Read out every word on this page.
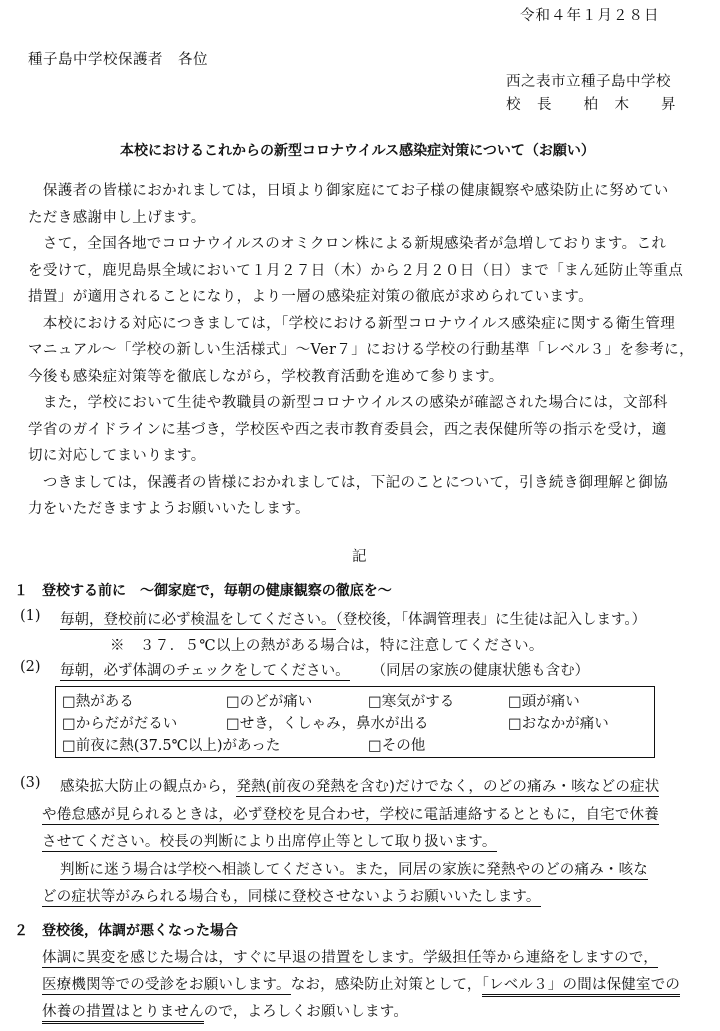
令和４年１月２８日
種子島中学校保護者　各位
西之表市立種子島中学校
校　長　　柏　木　　昇
本校におけるこれからの新型コロナウイルス感染症対策について（お願い）

　保護者の皆様におかれましては，日頃より御家庭にてお子様の健康観察や感染防止に努めてい

ただき感謝申し上げます。

　さて，全国各地でコロナウイルスのオミクロン株による新規感染者が急増しております。これ

を受けて，鹿児島県全域において１月２７日（木）から２月２０日（日）まで「まん延防止等重点

措置」が適用されることになり，より一層の感染症対策の徹底が求められています。

　本校における対応につきましては，「学校における新型コロナウイルス感染症に関する衛生管理

マニュアル～「学校の新しい生活様式」～Ver７」における学校の行動基準「レベル３」を参考に，

今後も感染症対策等を徹底しながら，学校教育活動を進めて参ります。

　また，学校において生徒や教職員の新型コロナウイルスの感染が確認された場合には，文部科

学省のガイドラインに基づき，学校医や西之表市教育委員会，西之表保健所等の指示を受け，適

切に対応してまいります。

　つきましては，保護者の皆様におかれましては，下記のことについて，引き続き御理解と御協

力をいただきますようお願いいたします。

記
１　登校する前に　～御家庭で，毎朝の健康観察の徹底を～
(1) 毎朝，登校前に必ず検温をしてください。（登校後，「体調管理表」に生徒は記入します。）
※　３７．５℃以上の熱がある場合は，特に注意してください。
(2) 毎朝，必ず体調のチェックをしてください。 （同居の家族の健康状態も含む）
□熱がある	□のどが痛い	□寒気がする	□頭が痛い
□からだがだるい	□せき，くしゃみ，鼻水が出る	□おなかが痛い
□前夜に熱(37.5℃以上)があった	□その他
(3) 感染拡大防止の観点から，発熱(前夜の発熱を含む)だけでなく，のどの痛み・咳などの症状
や倦怠感が見られるときは，必ず登校を見合わせ，学校に電話連絡するとともに，自宅で休養
させてください。校長の判断により出席停止等として取り扱います。
判断に迷う場合は学校へ相談してください。また，同居の家族に発熱やのどの痛み・咳な
どの症状等がみられる場合も，同様に登校させないようお願いいたします。
２　登校後，体調が悪くなった場合
体調に異変を感じた場合は，すぐに早退の措置をします。学級担任等から連絡をしますので，
医療機関等での受診をお願いします。なお，感染防止対策として，「レベル３」の間は保健室での
休養の措置はとりませんので，よろしくお願いします。
